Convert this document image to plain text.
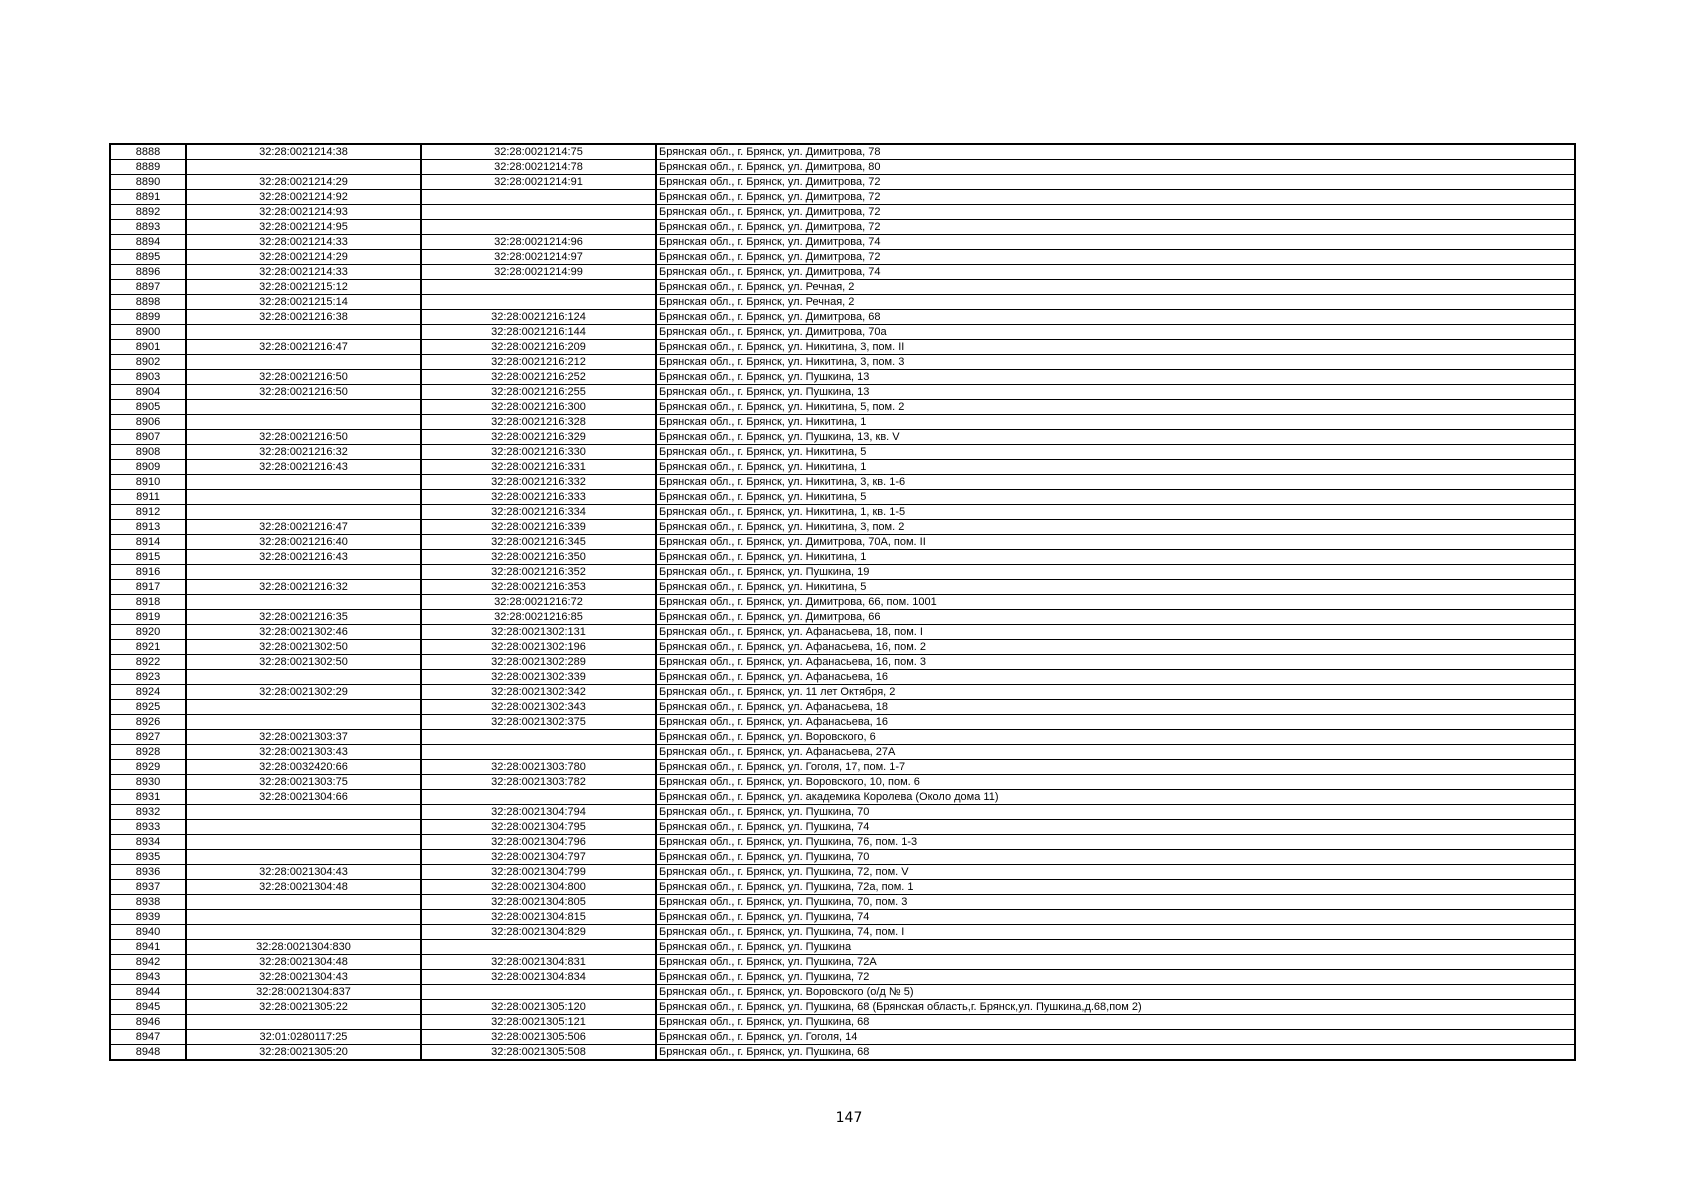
8888	32:28:0021214:38	32:28:0021214:75	Брянская обл., г. Брянск, ул. Димитрова, 78
8889		32:28:0021214:78	Брянская обл., г. Брянск, ул. Димитрова, 80
8890	32:28:0021214:29	32:28:0021214:91	Брянская обл., г. Брянск, ул. Димитрова, 72
8891	32:28:0021214:92		Брянская обл., г. Брянск, ул. Димитрова, 72
8892	32:28:0021214:93		Брянская обл., г. Брянск, ул. Димитрова, 72
8893	32:28:0021214:95		Брянская обл., г. Брянск, ул. Димитрова, 72
8894	32:28:0021214:33	32:28:0021214:96	Брянская обл., г. Брянск, ул. Димитрова, 74
8895	32:28:0021214:29	32:28:0021214:97	Брянская обл., г. Брянск, ул. Димитрова, 72
8896	32:28:0021214:33	32:28:0021214:99	Брянская обл., г. Брянск, ул. Димитрова, 74
8897	32:28:0021215:12		Брянская обл., г. Брянск, ул. Речная, 2
8898	32:28:0021215:14		Брянская обл., г. Брянск, ул. Речная, 2
8899	32:28:0021216:38	32:28:0021216:124	Брянская обл., г. Брянск, ул. Димитрова, 68
8900		32:28:0021216:144	Брянская обл., г. Брянск, ул. Димитрова, 70а
8901	32:28:0021216:47	32:28:0021216:209	Брянская обл., г. Брянск, ул. Никитина, 3, пом. II
8902		32:28:0021216:212	Брянская обл., г. Брянск, ул. Никитина, 3, пом. 3
8903	32:28:0021216:50	32:28:0021216:252	Брянская обл., г. Брянск, ул. Пушкина, 13
8904	32:28:0021216:50	32:28:0021216:255	Брянская обл., г. Брянск, ул. Пушкина, 13
8905		32:28:0021216:300	Брянская обл., г. Брянск, ул. Никитина, 5, пом. 2
8906		32:28:0021216:328	Брянская обл., г. Брянск, ул. Никитина, 1
8907	32:28:0021216:50	32:28:0021216:329	Брянская обл., г. Брянск, ул. Пушкина, 13, кв. V
8908	32:28:0021216:32	32:28:0021216:330	Брянская обл., г. Брянск, ул. Никитина, 5
8909	32:28:0021216:43	32:28:0021216:331	Брянская обл., г. Брянск, ул. Никитина, 1
8910		32:28:0021216:332	Брянская обл., г. Брянск, ул. Никитина, 3, кв. 1-6
8911		32:28:0021216:333	Брянская обл., г. Брянск, ул. Никитина, 5
8912		32:28:0021216:334	Брянская обл., г. Брянск, ул. Никитина, 1, кв. 1-5
8913	32:28:0021216:47	32:28:0021216:339	Брянская обл., г. Брянск, ул. Никитина, 3, пом. 2
8914	32:28:0021216:40	32:28:0021216:345	Брянская обл., г. Брянск, ул. Димитрова, 70А, пом. II
8915	32:28:0021216:43	32:28:0021216:350	Брянская обл., г. Брянск, ул. Никитина, 1
8916		32:28:0021216:352	Брянская обл., г. Брянск, ул. Пушкина, 19
8917	32:28:0021216:32	32:28:0021216:353	Брянская обл., г. Брянск, ул. Никитина, 5
8918		32:28:0021216:72	Брянская обл., г. Брянск, ул. Димитрова, 66, пом. 1001
8919	32:28:0021216:35	32:28:0021216:85	Брянская обл., г. Брянск, ул. Димитрова, 66
8920	32:28:0021302:46	32:28:0021302:131	Брянская обл., г. Брянск, ул. Афанасьева, 18, пом. I
8921	32:28:0021302:50	32:28:0021302:196	Брянская обл., г. Брянск, ул. Афанасьева, 16, пом. 2
8922	32:28:0021302:50	32:28:0021302:289	Брянская обл., г. Брянск, ул. Афанасьева, 16, пом. 3
8923		32:28:0021302:339	Брянская обл., г. Брянск, ул. Афанасьева, 16
8924	32:28:0021302:29	32:28:0021302:342	Брянская обл., г. Брянск, ул. 11 лет Октября, 2
8925		32:28:0021302:343	Брянская обл., г. Брянск, ул. Афанасьева, 18
8926		32:28:0021302:375	Брянская обл., г. Брянск, ул. Афанасьева, 16
8927	32:28:0021303:37		Брянская обл., г. Брянск, ул. Воровского, 6
8928	32:28:0021303:43		Брянская обл., г. Брянск, ул. Афанасьева, 27А
8929	32:28:0032420:66	32:28:0021303:780	Брянская обл., г. Брянск, ул. Гоголя, 17, пом. 1-7
8930	32:28:0021303:75	32:28:0021303:782	Брянская обл., г. Брянск, ул. Воровского, 10, пом. 6
8931	32:28:0021304:66		Брянская обл., г. Брянск, ул. академика Королева (Около дома 11)
8932		32:28:0021304:794	Брянская обл., г. Брянск, ул. Пушкина, 70
8933		32:28:0021304:795	Брянская обл., г. Брянск, ул. Пушкина, 74
8934		32:28:0021304:796	Брянская обл., г. Брянск, ул. Пушкина, 76, пом. 1-3
8935		32:28:0021304:797	Брянская обл., г. Брянск, ул. Пушкина, 70
8936	32:28:0021304:43	32:28:0021304:799	Брянская обл., г. Брянск, ул. Пушкина, 72, пом. V
8937	32:28:0021304:48	32:28:0021304:800	Брянская обл., г. Брянск, ул. Пушкина, 72а, пом. 1
8938		32:28:0021304:805	Брянская обл., г. Брянск, ул. Пушкина, 70, пом. 3
8939		32:28:0021304:815	Брянская обл., г. Брянск, ул. Пушкина, 74
8940		32:28:0021304:829	Брянская обл., г. Брянск, ул. Пушкина, 74, пом. I
8941	32:28:0021304:830		Брянская обл., г. Брянск, ул. Пушкина
8942	32:28:0021304:48	32:28:0021304:831	Брянская обл., г. Брянск, ул. Пушкина, 72А
8943	32:28:0021304:43	32:28:0021304:834	Брянская обл., г. Брянск, ул. Пушкина, 72
8944	32:28:0021304:837		Брянская обл., г. Брянск, ул. Воровского (о/д № 5)
8945	32:28:0021305:22	32:28:0021305:120	Брянская обл., г. Брянск, ул. Пушкина, 68 (Брянская область,г. Брянск,ул. Пушкина,д.68,пом 2)
8946		32:28:0021305:121	Брянская обл., г. Брянск, ул. Пушкина, 68
8947	32:01:0280117:25	32:28:0021305:506	Брянская обл., г. Брянск, ул. Гоголя, 14
8948	32:28:0021305:20	32:28:0021305:508	Брянская обл., г. Брянск, ул. Пушкина, 68
147
